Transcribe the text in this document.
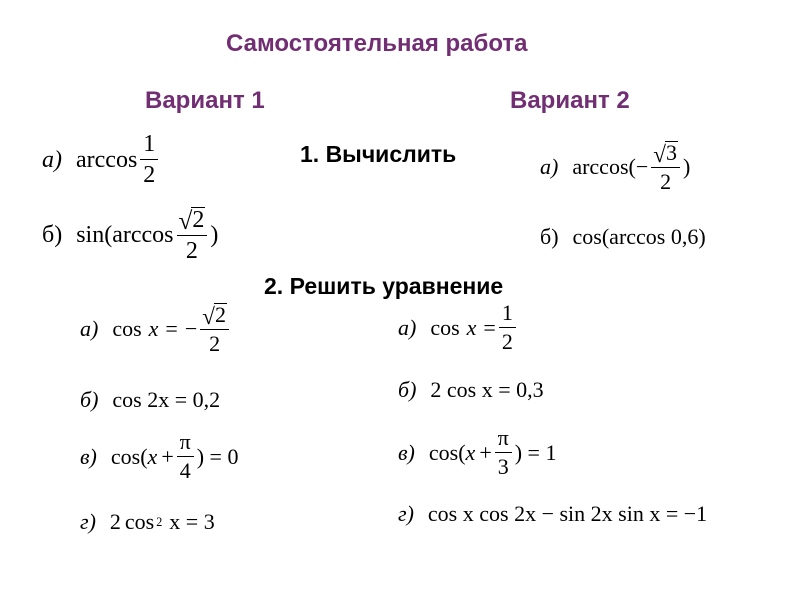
Самостоятельная работа
Вариант 1	Вариант 2
1. Вычислить
2. Решить уравнение
а) $\arccos \frac{1}{2}$
б) $\sin(\arccos \frac{√ 2}{2}$ )
а) $\arccos(- \frac{√ 3}{2}$ )
б) cos(arccos 0,6)
а) cos x = − $\frac{√ 2}{2}$
б) cos 2x = 0,2
в) cos ( $x + \frac{\pi}{4}$ ) = 0
г) 2 cos 2 x = 3
а) $\cos x = \frac{1}{2}$
б) 2 cos x = 0,3
в) cos ( $x + \frac{\pi}{3}$ ) = 1
г) cos x cos 2x − sin 2x sin x = −1
